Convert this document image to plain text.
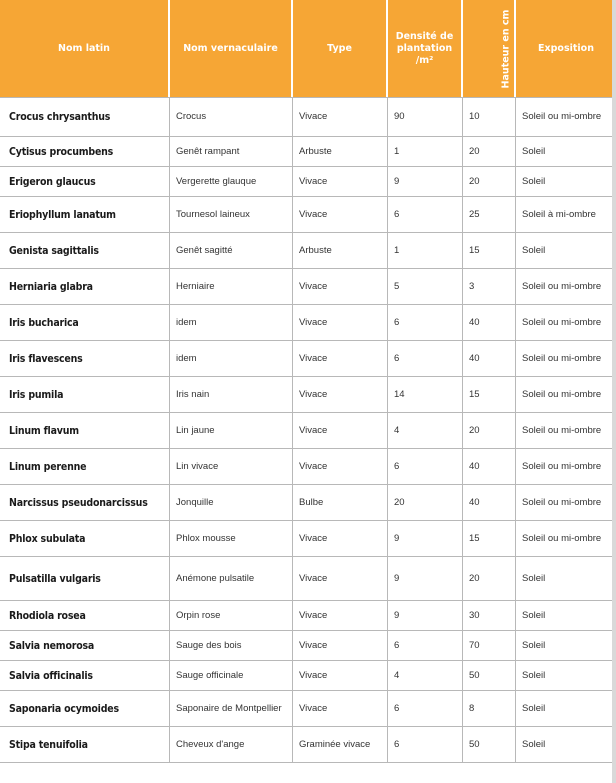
Nom latin	Nom vernaculaire	Type	Densité de plantation /m²	Hauteur en cm	Exposition
Crocus chrysanthus	Crocus	Vivace	90	10	Soleil ou mi-ombre
Cytisus procumbens	Genêt rampant	Arbuste	1	20	Soleil
Erigeron glaucus	Vergerette glauque	Vivace	9	20	Soleil
Eriophyllum lanatum	Tournesol laineux	Vivace	6	25	Soleil à mi-ombre
Genista sagittalis	Genêt sagitté	Arbuste	1	15	Soleil
Herniaria glabra	Herniaire	Vivace	5	3	Soleil ou mi-ombre
Iris bucharica	idem	Vivace	6	40	Soleil ou mi-ombre
Iris flavescens	idem	Vivace	6	40	Soleil ou mi-ombre
Iris pumila	Iris nain	Vivace	14	15	Soleil ou mi-ombre
Linum flavum	Lin jaune	Vivace	4	20	Soleil ou mi-ombre
Linum perenne	Lin vivace	Vivace	6	40	Soleil ou mi-ombre
Narcissus pseudonarcissus	Jonquille	Bulbe	20	40	Soleil ou mi-ombre
Phlox subulata	Phlox mousse	Vivace	9	15	Soleil ou mi-ombre
Pulsatilla vulgaris	Anémone pulsatile	Vivace	9	20	Soleil
Rhodiola rosea	Orpin rose	Vivace	9	30	Soleil
Salvia nemorosa	Sauge des bois	Vivace	6	70	Soleil
Salvia officinalis	Sauge officinale	Vivace	4	50	Soleil
Saponaria ocymoides	Saponaire de Montpellier	Vivace	6	8	Soleil
Stipa tenuifolia	Cheveux d'ange	Graminée vivace	6	50	Soleil
